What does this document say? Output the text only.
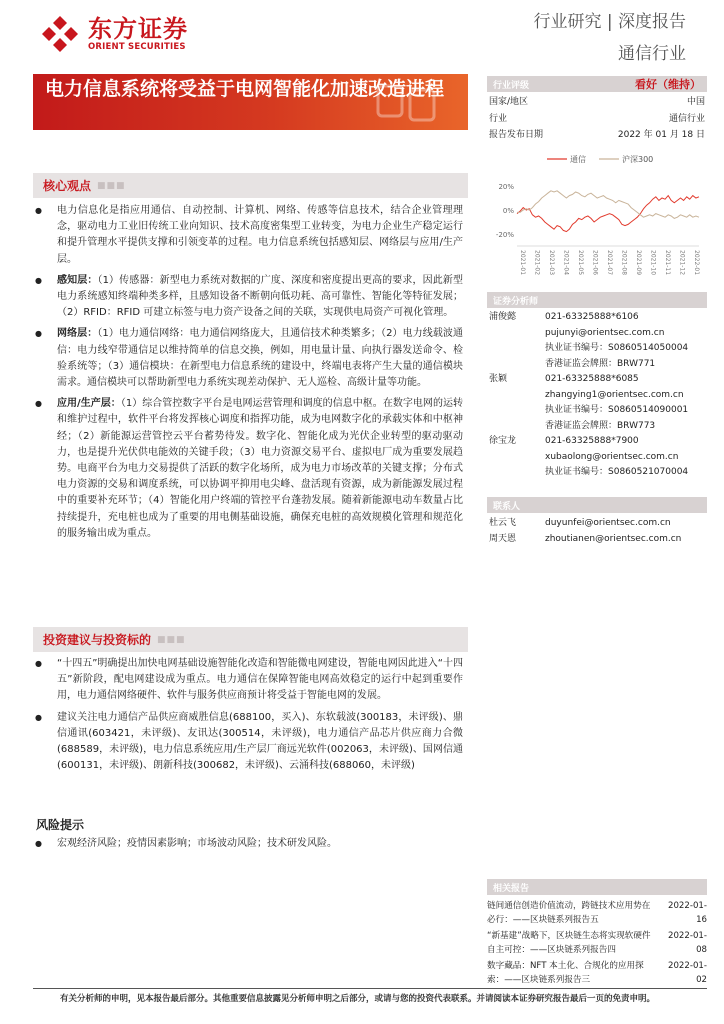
东方证券
ORIENT SECURITIES
行业研究 | 深度报告
通信行业
电力信息系统将受益于电网智能化加速改造进程
核心观点 ■■■
● 电力信息化是指应用通信、自动控制、计算机、网络、传感等信息技术，结合企业管理理念，驱动电力工业旧传统工业向知识、技术高度密集型工业转变，为电力企业生产稳定运行和提升管理水平提供支撑和引领变革的过程。电力信息系统包括感知层、网络层与应用/生产层。
● 感知层：（1）传感器：新型电力系统对数据的广度、深度和密度提出更高的要求，因此新型电力系统感知终端种类多样，且感知设备不断朝向低功耗、高可靠性、智能化等特征发展；（2）RFID：RFID 可建立标签与电力资产设备之间的关联，实现供电局资产可视化管理。
● 网络层：（1）电力通信网络：电力通信网络庞大，且通信技术种类繁多；（2）电力线载波通信：电力线窄带通信足以维持简单的信息交换，例如，用电量计量、向执行器发送命令、检验系统等；（3）通信模块：在新型电力信息系统的建设中，终端电表将产生大量的通信模块需求。通信模块可以帮助新型电力系统实现差动保护、无人巡检、高级计量等功能。
● 应用/生产层：（1）综合管控数字平台是电网运营管理和调度的信息中枢。在数字电网的运转和维护过程中，软件平台将发挥核心调度和指挥功能，成为电网数字化的承载实体和中枢神经；（2）新能源运营管控云平台蓄势待发。数字化、智能化成为光伏企业转型的驱动驱动力，也是提升光伏供电能效的关键手段；（3）电力资源交易平台、虚拟电厂成为重要发展趋势。电商平台为电力交易提供了活跃的数字化场所，成为电力市场改革的关键支撑；分布式电力资源的交易和调度系统，可以协调平抑用电尖峰、盘活现有资源，成为新能源发展过程中的重要补充环节；（4）智能化用户终端的管控平台蓬勃发展。随着新能源电动车数量占比持续提升，充电桩也成为了重要的用电侧基础设施，确保充电桩的高效规模化管理和规范化的服务输出成为重点。
投资建议与投资标的 ■■■
● “十四五”明确提出加快电网基础设施智能化改造和智能微电网建设，智能电网因此进入“十四五”新阶段，配电网建设成为重点。电力通信在保障智能电网高效稳定的运行中起到重要作用，电力通信网络硬件、软件与服务供应商预计将受益于智能电网的发展。
● 建议关注电力通信产品供应商威胜信息(688100，买入)、东软载波(300183，未评级)、鼎信通讯(603421，未评级)、友讯达(300514，未评级)，电力通信产品芯片供应商力合微(688589，未评级)，电力信息系统应用/生产层厂商远光软件(002063，未评级)、国网信通(600131，未评级)、朗新科技(300682，未评级)、云涌科技(688060，未评级)
风险提示
● 宏观经济风险；疫情因素影响；市场波动风险；技术研发风险。
行业评级	看好（维持）
国家/地区	中国
行业	通信行业
报告发布日期	2022 年 01 月 18 日
通信	沪深300
20%
0%
-20%
2021-01 2021-02 2021-03 2021-04 2021-05 2021-06 2021-07 2021-08 2021-09 2021-10 2021-11 2021-12 2022-01
证券分析师
浦俊懿	021-63325888*6106
pujunyi@orientsec.com.cn
执业证书编号：S0860514050004
香港证监会牌照：BRW771
张颖	021-63325888*6085
zhangying1@orientsec.com.cn
执业证书编号：S0860514090001
香港证监会牌照：BRW773
徐宝龙	021-63325888*7900
xubaolong@orientsec.com.cn
执业证书编号：S0860521070004
联系人
杜云飞	duyunfei@orientsec.com.cn
周天恩	zhoutianen@orientsec.com.cn
相关报告
链间通信创造价值流动，跨链技术应用势在必行：——区块链系列报告五
2022-01-16
“新基建”战略下，区块链生态将实现软硬件自主可控：——区块链系列报告四
2022-01-08
数字藏品：NFT 本土化、合规化的应用探索：——区块链系列报告三
2022-01-02
有关分析师的申明，见本报告最后部分。其他重要信息披露见分析师申明之后部分，或请与您的投资代表联系。并请阅读本证券研究报告最后一页的免责申明。
